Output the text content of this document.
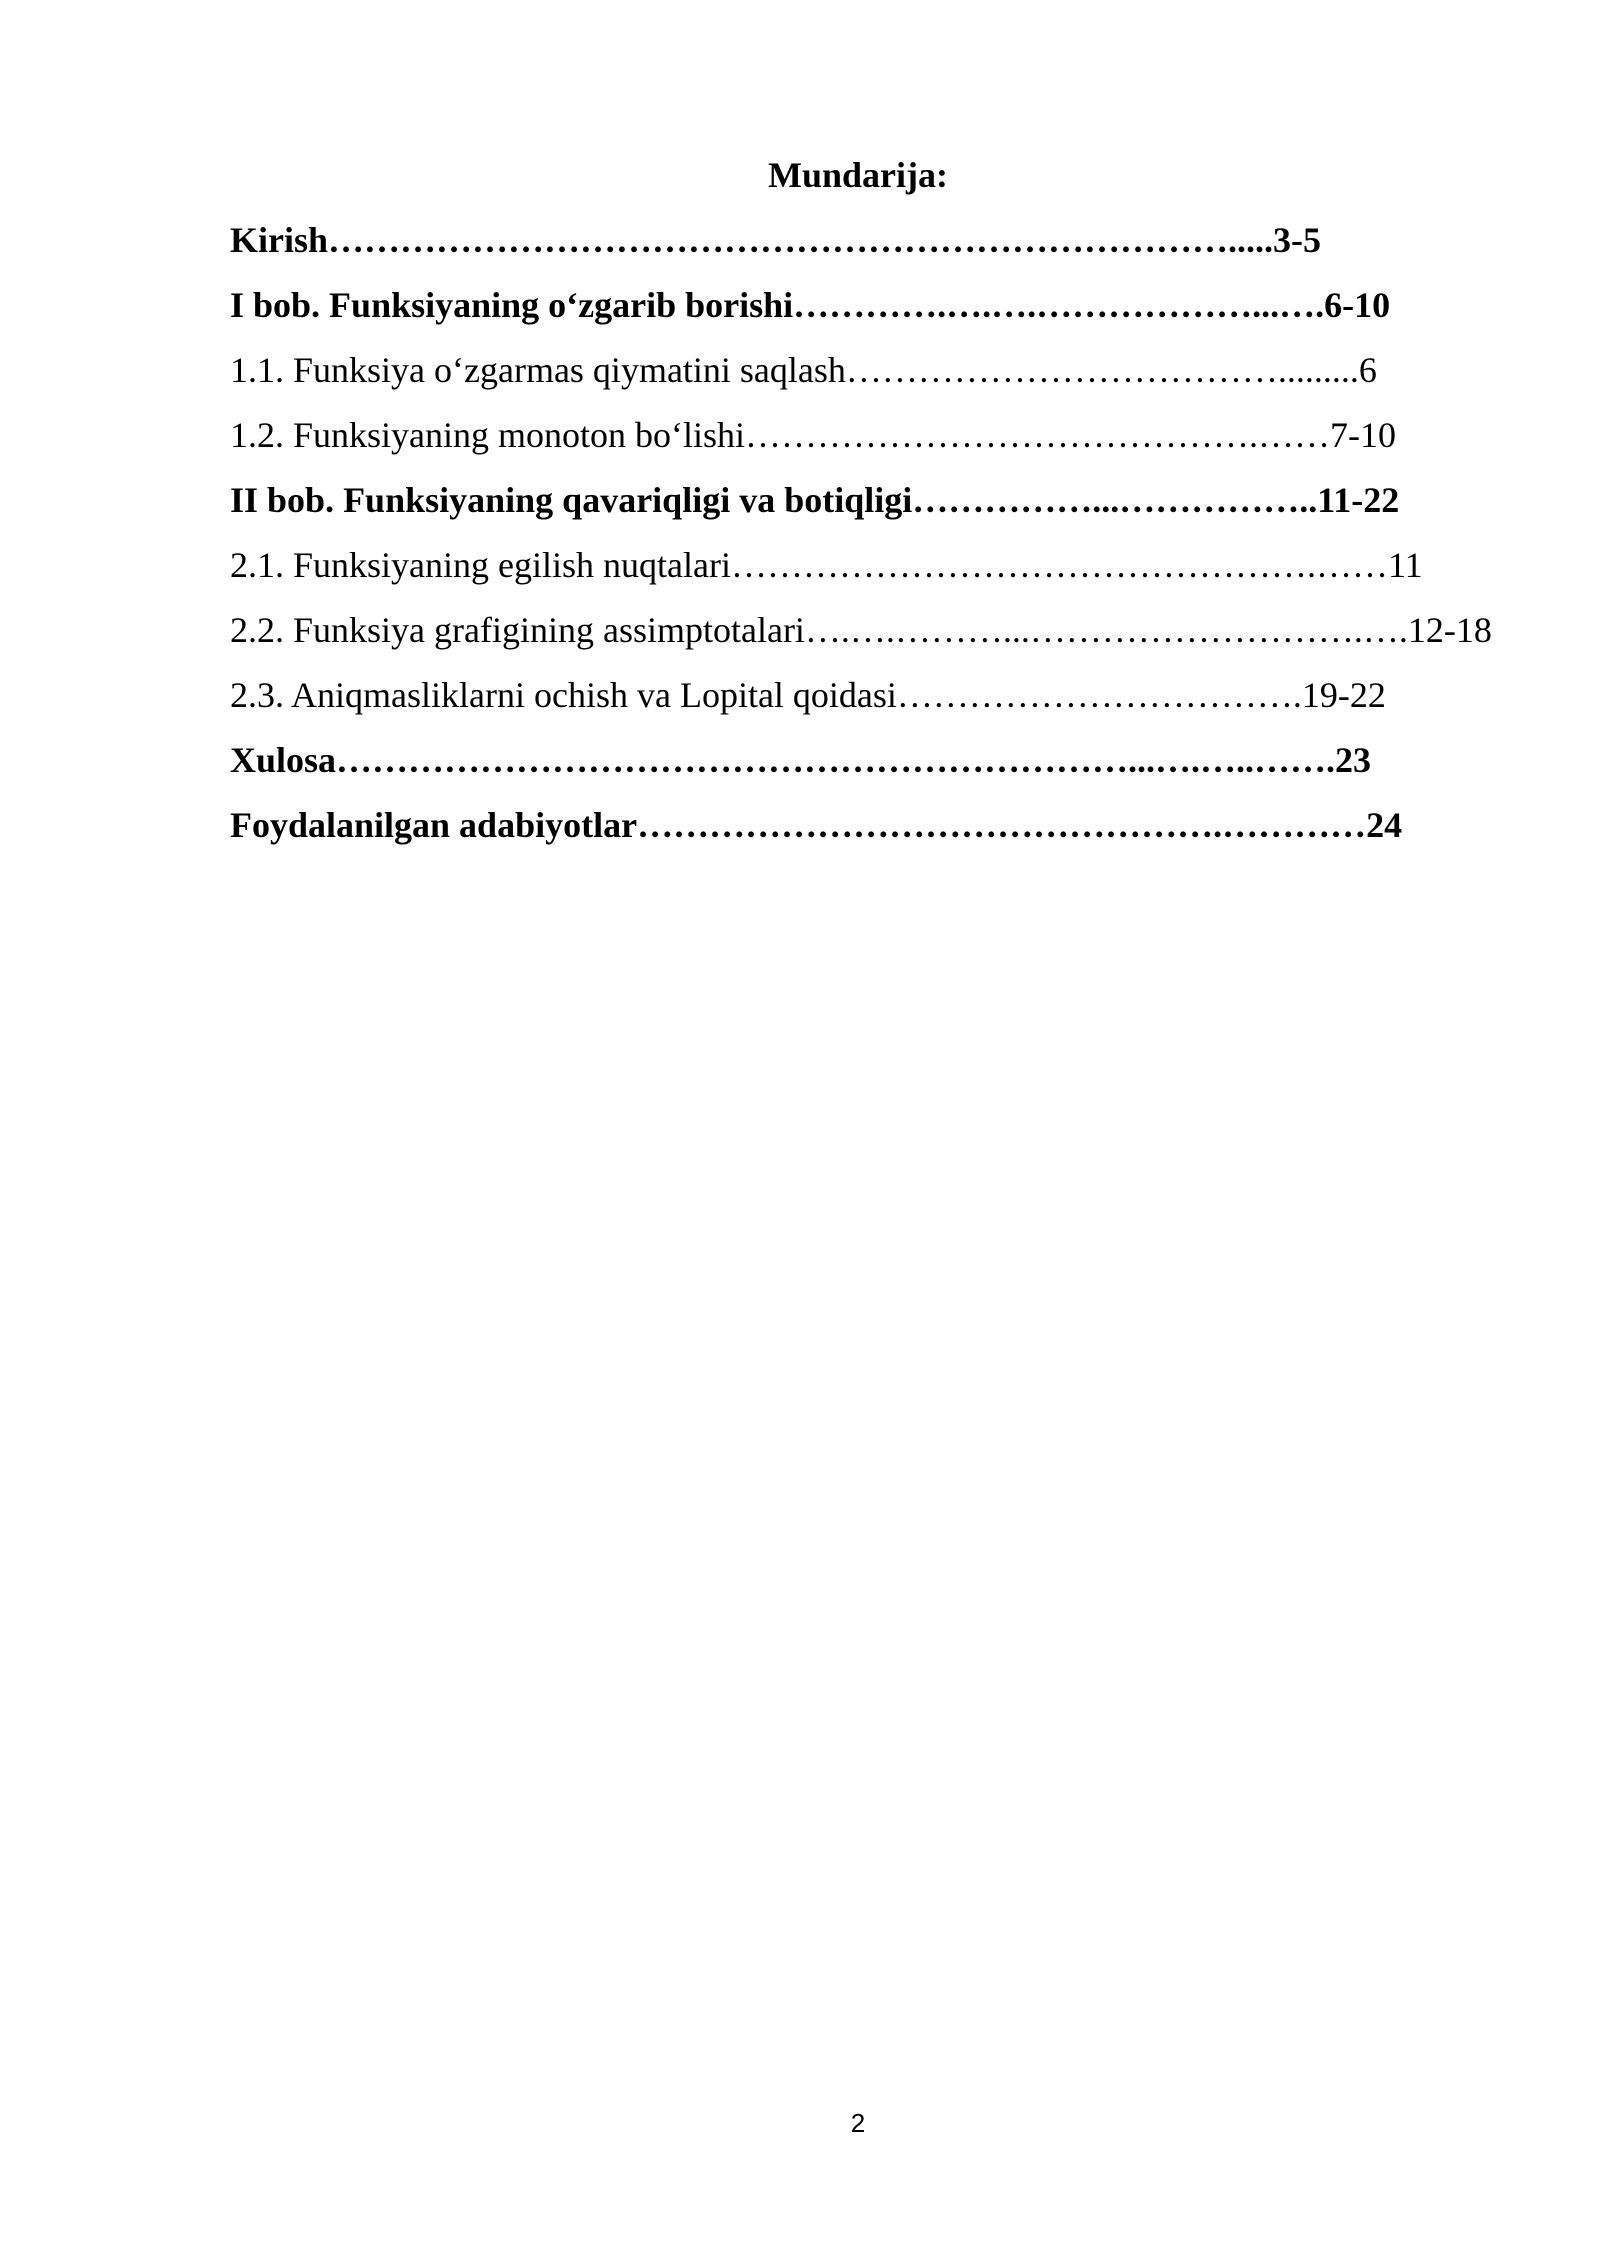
Mundarija:
Kirish………………………………………………………………….....3-5
I bob. Funksiyaning oʻzgarib borishi………….….….………………...….6-10
1.1. Funksiya oʻzgarmas qiymatini saqlash……………………………….........6
1.2. Funksiyaning monoton boʻlishi…………………………………….……7-10
II bob. Funksiyaning qavariqligi va botiqligi……………...……………..11-22
2.1. Funksiyaning egilish nuqtalari………………………………………….……11
2.2. Funksiya grafigining assimptotalari….….………...……………………….….12-18
2.3. Aniqmasliklarni ochish va Lopital qoidasi…………………………….19-22
Xulosa…………………………………………………………...….…..…….23
Foydalanilgan adabiyotlar………………………………………….…………24
2
